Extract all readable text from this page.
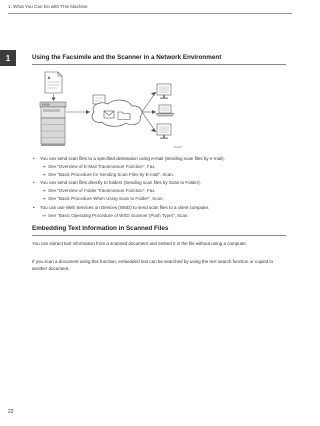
1. What You Can Do with This Machine
1	Using the Facsimile and the Scanner in a Network Environment
A
CUA017
• You can send scan files to a specified destination using e-mail (Sending scan files by e-mail).
⇒ See "Overview of E-Mail Transmission Function", Fax.
⇒ See "Basic Procedure for Sending Scan Files by E-mail", Scan.
• You can send scan files directly to folders (Sending scan files by Scan to Folder).
⇒ See "Overview of Folder Transmission Function", Fax.
⇒ See "Basic Procedure When Using Scan to Folder", Scan.
• You can use Web Services on Devices (WSD) to send scan files to a client computer.
⇒ See "Basic Operating Procedure of WSD Scanner (Push Type)", Scan.
Embedding Text Information in Scanned Files

You can extract text information from a scanned document and embed it in the file without using a computer.

If you scan a document using this function, embedded text can be searched by using the text search function or copied to another document.

22
